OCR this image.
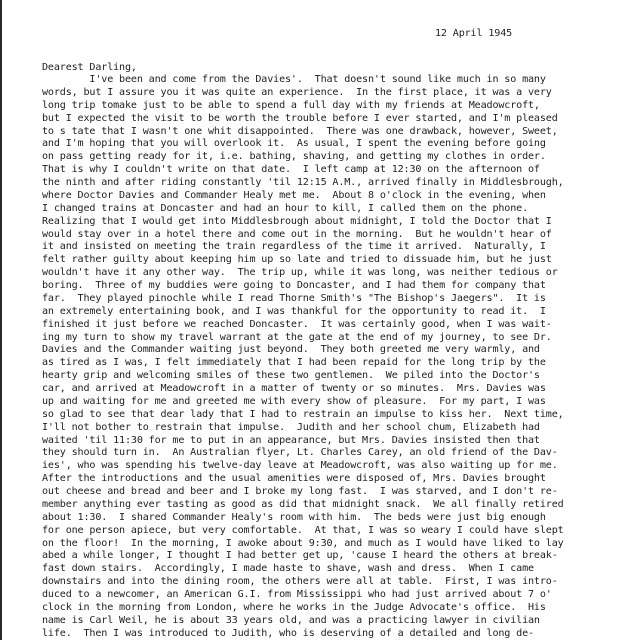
12 April 1945
Dearest Darling,
I've been and come from the Davies'.  That doesn't sound like much in so many
words, but I assure you it was quite an experience.  In the first place, it was a very
long trip tomake just to be able to spend a full day with my friends at Meadowcroft,
but I expected the visit to be worth the trouble before I ever started, and I'm pleased
to s tate that I wasn't one whit disappointed.  There was one drawback, however, Sweet,
and I'm hoping that you will overlook it.  As usual, I spent the evening before going
on pass getting ready for it, i.e. bathing, shaving, and getting my clothes in order.
That is why I couldn't write on that date.  I left camp at 12:30 on the afternoon of
the ninth and after riding constantly 'til 12:15 A.M., arrived finally in Middlesbrough,
where Doctor Davies and Commander Healy met me.  About 8 o'clock in the evening, when
I changed trains at Doncaster and had an hour to kill, I called them on the phone.
Realizing that I would get into Middlesbrough about midnight, I told the Doctor that I
would stay over in a hotel there and come out in the morning.  But he wouldn't hear of
it and insisted on meeting the train regardless of the time it arrived.  Naturally, I
felt rather guilty about keeping him up so late and tried to dissuade him, but he just
wouldn't have it any other way.  The trip up, while it was long, was neither tedious or
boring.  Three of my buddies were going to Doncaster, and I had them for company that
far.  They played pinochle while I read Thorne Smith's "The Bishop's Jaegers".  It is
an extremely entertaining book, and I was thankful for the opportunity to read it.  I
finished it just before we reached Doncaster.  It was certainly good, when I was wait-
ing my turn to show my travel warrant at the gate at the end of my journey, to see Dr.
Davies and the Commander waiting just beyond.  They both greeted me very warmly, and
as tired as I was, I felt immediately that I had been repaid for the long trip by the
hearty grip and welcoming smiles of these two gentlemen.  We piled into the Doctor's
car, and arrived at Meadowcroft in a matter of twenty or so minutes.  Mrs. Davies was
up and waiting for me and greeted me with every show of pleasure.  For my part, I was
so glad to see that dear lady that I had to restrain an impulse to kiss her.  Next time,
I'll not bother to restrain that impulse.  Judith and her school chum, Elizabeth had
waited 'til 11:30 for me to put in an appearance, but Mrs. Davies insisted then that
they should turn in.  An Australian flyer, Lt. Charles Carey, an old friend of the Dav-
ies', who was spending his twelve-day leave at Meadowcroft, was also waiting up for me.
After the introductions and the usual amenities were disposed of, Mrs. Davies brought
out cheese and bread and beer and I broke my long fast.  I was starved, and I don't re-
member anything ever tasting as good as did that midnight snack.  We all finally retired
about 1:30.  I shared Commander Healy's room with him.  The beds were just big enough
for one person apiece, but very comfortable.  At that, I was so weary I could have slept
on the floor!  In the morning, I awoke about 9:30, and much as I would have liked to lay
abed a while longer, I thought I had better get up, 'cause I heard the others at break-
fast down stairs.  Accordingly, I made haste to shave, wash and dress.  When I came
downstairs and into the dining room, the others were all at table.  First, I was intro-
duced to a newcomer, an American G.I. from Mississippi who had just arrived about 7 o'
clock in the morning from London, where he works in the Judge Advocate's office.  His
name is Carl Weil, he is about 33 years old, and was a practicing lawyer in civilian
life.  Then I was introduced to Judith, who is deserving of a detailed and long de-
